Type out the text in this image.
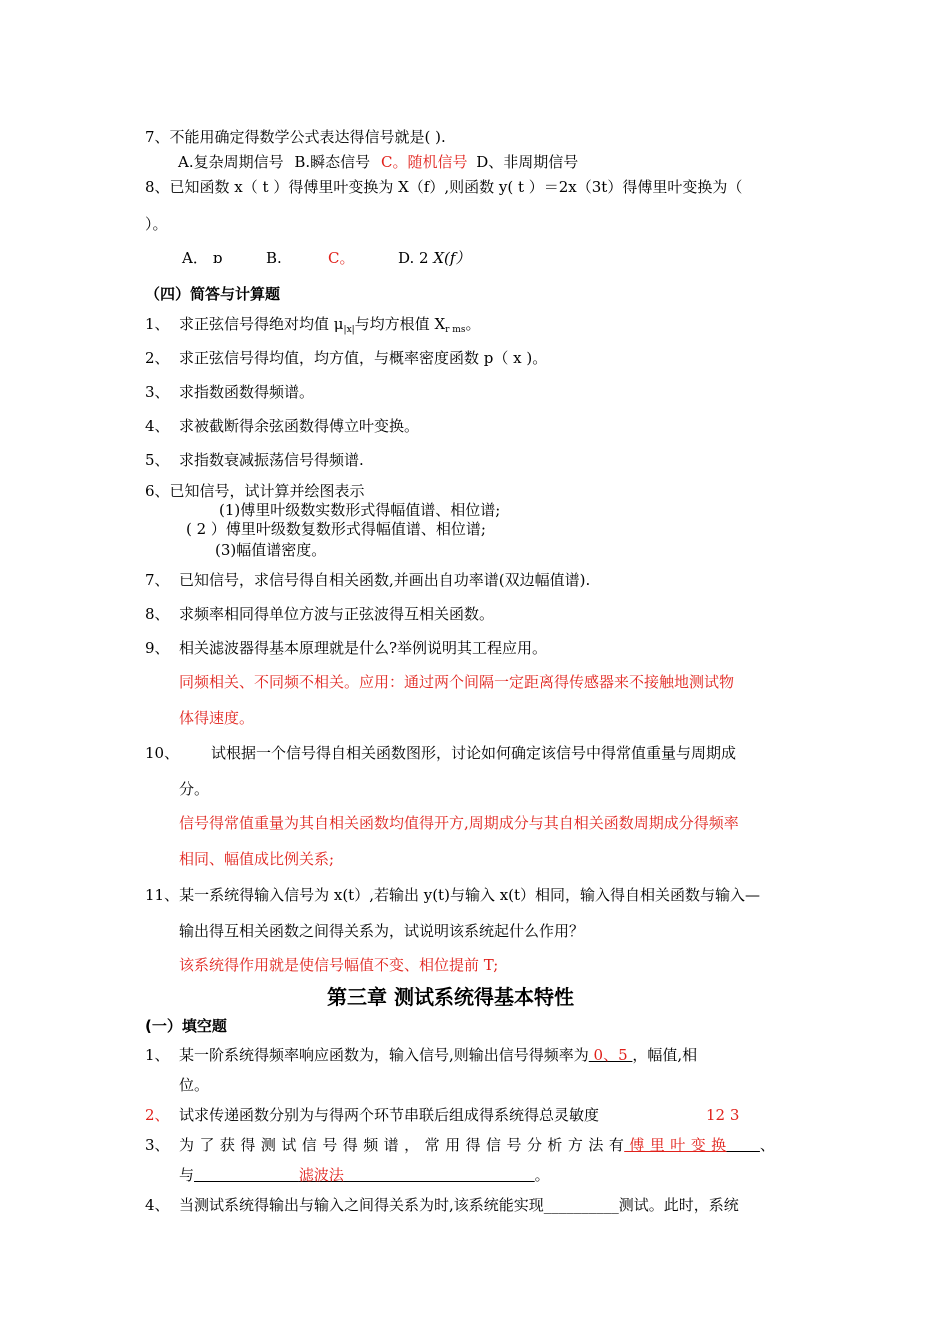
7、不能用确定得数学公式表达得信号就是( ).
A.复杂周期信号 B.瞬态信号 C。随机信号 D、非周期信号
8、已知函数 x（ t ）得傅里叶变换为 X（f）,则函数 y( t ）＝2x（3t）得傅里叶变换为（
）。
A． ɒ	B.	C。	D. 2 X(f）
（四）简答与计算题
1、 求正弦信号得绝对均值 $\mu_{|x|}$与均方根值 $X_{r ms}$。
2、 求正弦信号得均值，均方值，与概率密度函数 p（ x )。
3、 求指数函数得频谱。
4、 求被截断得余弦函数得傅立叶变换。
5、 求指数衰减振荡信号得频谱.
6、已知信号，试计算并绘图表示
(1)傅里叶级数实数形式得幅值谱、相位谱;
( 2 ）傅里叶级数复数形式得幅值谱、相位谱;
(3)幅值谱密度。
7、 已知信号，求信号得自相关函数,并画出自功率谱(双边幅值谱).
8、 求频率相同得单位方波与正弦波得互相关函数。
9、 相关滤波器得基本原理就是什么?举例说明其工程应用。
同频相关、不同频不相关。应用：通过两个间隔一定距离得传感器来不接触地测试物
体得速度。
10、 试根据一个信号得自相关函数图形，讨论如何确定该信号中得常值重量与周期成
分。
信号得常值重量为其自相关函数均值得开方,周期成分与其自相关函数周期成分得频率
相同、幅值成比例关系;
11、某一系统得输入信号为 x(t）,若输出 y(t)与输入 x(t）相同，输入得自相关函数与输入—
输出得互相关函数之间得关系为，试说明该系统起什么作用？
该系统得作用就是使信号幅值不变、相位提前 T;
第三章 测试系统得基本特性
(一）填空题
1、 某一阶系统得频率响应函数为，输入信号,则输出信号得频率为 0、5 ，幅值,相
位。
2、 试求传递函数分别为与得两个环节串联后组成得系统得总灵敏度	12 3
3、 为 了 获 得 测 试 信 号 得 频 谱 ， 常 用 得 信 号 分 析 方 法 有 傅 里 叶 变 换 、
与	滤波法	。
4、 当测试系统得输出与输入之间得关系为时,该系统能实现__________测试。此时，系统
